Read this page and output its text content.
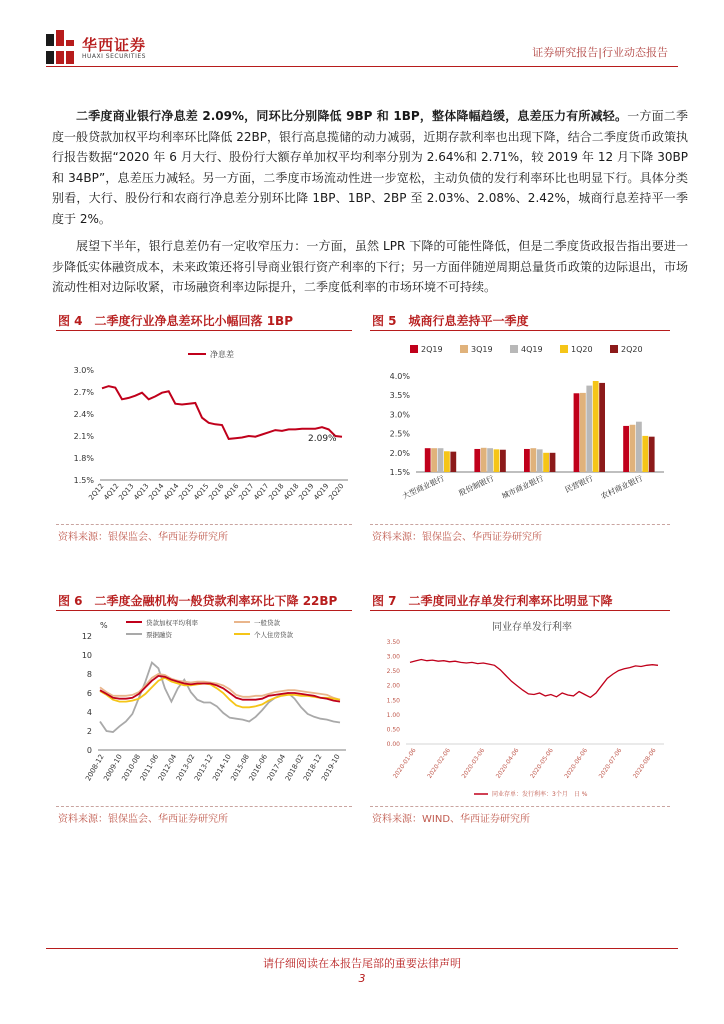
华西证券
HUAXI SECURITIES	证券研究报告|行业动态报告
二季度商业银行净息差 2.09%，同环比分别降低 9BP 和 1BP，整体降幅趋缓，息差压力有所减轻。一方面二季度一般贷款加权平均利率环比降低 22BP，银行高息揽储的动力减弱，近期存款利率也出现下降，结合二季度货币政策执行报告数据“2020 年 6 月大行、股份行大额存单加权平均利率分别为 2.64%和 2.71%，较 2019 年 12 月下降 30BP 和 34BP”，息差压力减轻。另一方面，二季度市场流动性进一步宽松，主动负债的发行利率环比也明显下行。具体分类别看，大行、股份行和农商行净息差分别环比降 1BP、1BP、2BP 至 2.03%、2.08%、2.42%，城商行息差持平一季度于 2%。
展望下半年，银行息差仍有一定收窄压力：一方面，虽然 LPR 下降的可能性降低，但是二季度货政报告指出要进一步降低实体融资成本，未来政策还将引导商业银行资产利率的下行；另一方面伴随逆周期总量货币政策的边际退出，市场流动性相对边际收紧，市场融资利率边际提升，二季度低利率的市场环境不可持续。
图 4　二季度行业净息差环比小幅回落 1BP
净息差
3.0%
2.7%
2.4%
2.1%
1.8%
1.5%
2Q12
4Q12
2Q13
4Q13
2Q14
4Q14
2Q15
4Q15
2Q16
4Q16
2Q17
4Q17
2Q18
4Q18
2Q19
4Q19
2Q20
2.09%
资料来源：银保监会、华西证券研究所
图 5　城商行息差持平一季度
2Q19	3Q19	4Q19	1Q20	2Q20
4.0%
3.5%
3.0%
2.5%
2.0%
1.5%
大型商业银行 股份制银行 城市商业银行 民营银行 农村商业银行
资料来源：银保监会、华西证券研究所
图 6　二季度金融机构一般贷款利率环比下降 22BP
%	贷款加权平均利率	一般贷款
票据融资	个人住房贷款
12
10
8
6
4
2
0
2008-12
2009-10
2010-08
2011-06
2012-04
2013-02
2013-12
2014-10
2015-08
2016-06
2017-04
2018-02
2018-12
2019-10
资料来源：银保监会、华西证券研究所
图 7　二季度同业存单发行利率环比明显下降
同业存单发行利率
3.50
3.00
2.50
2.00
1.50
1.00
0.50
0.00
2020-01-06 2020-02-06 2020-03-06 2020-04-06 2020-05-06 2020-06-06 2020-07-06 2020-08-06
同业存单：发行利率：3个月　日 %
资料来源：WIND、华西证券研究所
请仔细阅读在本报告尾部的重要法律声明
3
